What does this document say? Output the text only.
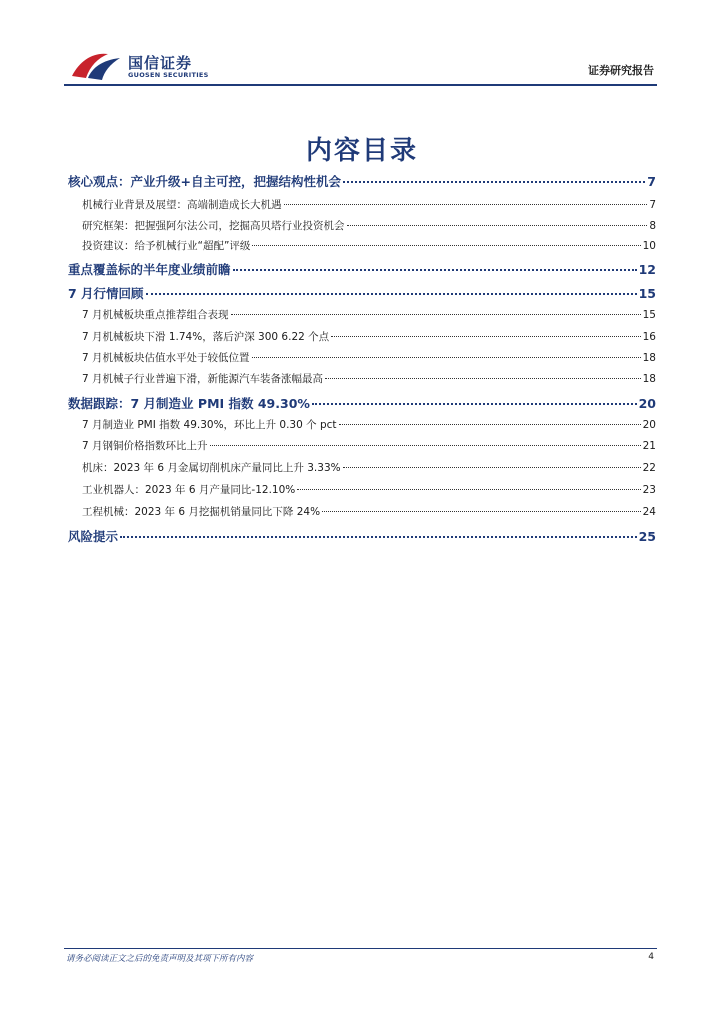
国信证券
GUOSEN SECURITIES	证券研究报告
内容目录
核心观点：产业升级+自主可控，把握结构性机会	7
机械行业背景及展望：高端制造成长大机遇	7
研究框架：把握强阿尔法公司，挖掘高贝塔行业投资机会	8
投资建议：给予机械行业“超配”评级	10
重点覆盖标的半年度业绩前瞻	12
7 月行情回顾	15
7 月机械板块重点推荐组合表现	15
7 月机械板块下滑 1.74%，落后沪深 300 6.22 个点	16
7 月机械板块估值水平处于较低位置	18
7 月机械子行业普遍下滑，新能源汽车装备涨幅最高	18
数据跟踪：7 月制造业 PMI 指数 49.30%	20
7 月制造业 PMI 指数 49.30%，环比上升 0.30 个 pct	20
7 月钢铜价格指数环比上升	21
机床：2023 年 6 月金属切削机床产量同比上升 3.33%	22
工业机器人：2023 年 6 月产量同比-12.10%	23
工程机械：2023 年 6 月挖掘机销量同比下降 24%	24
风险提示	25
请务必阅读正文之后的免责声明及其项下所有内容	4
